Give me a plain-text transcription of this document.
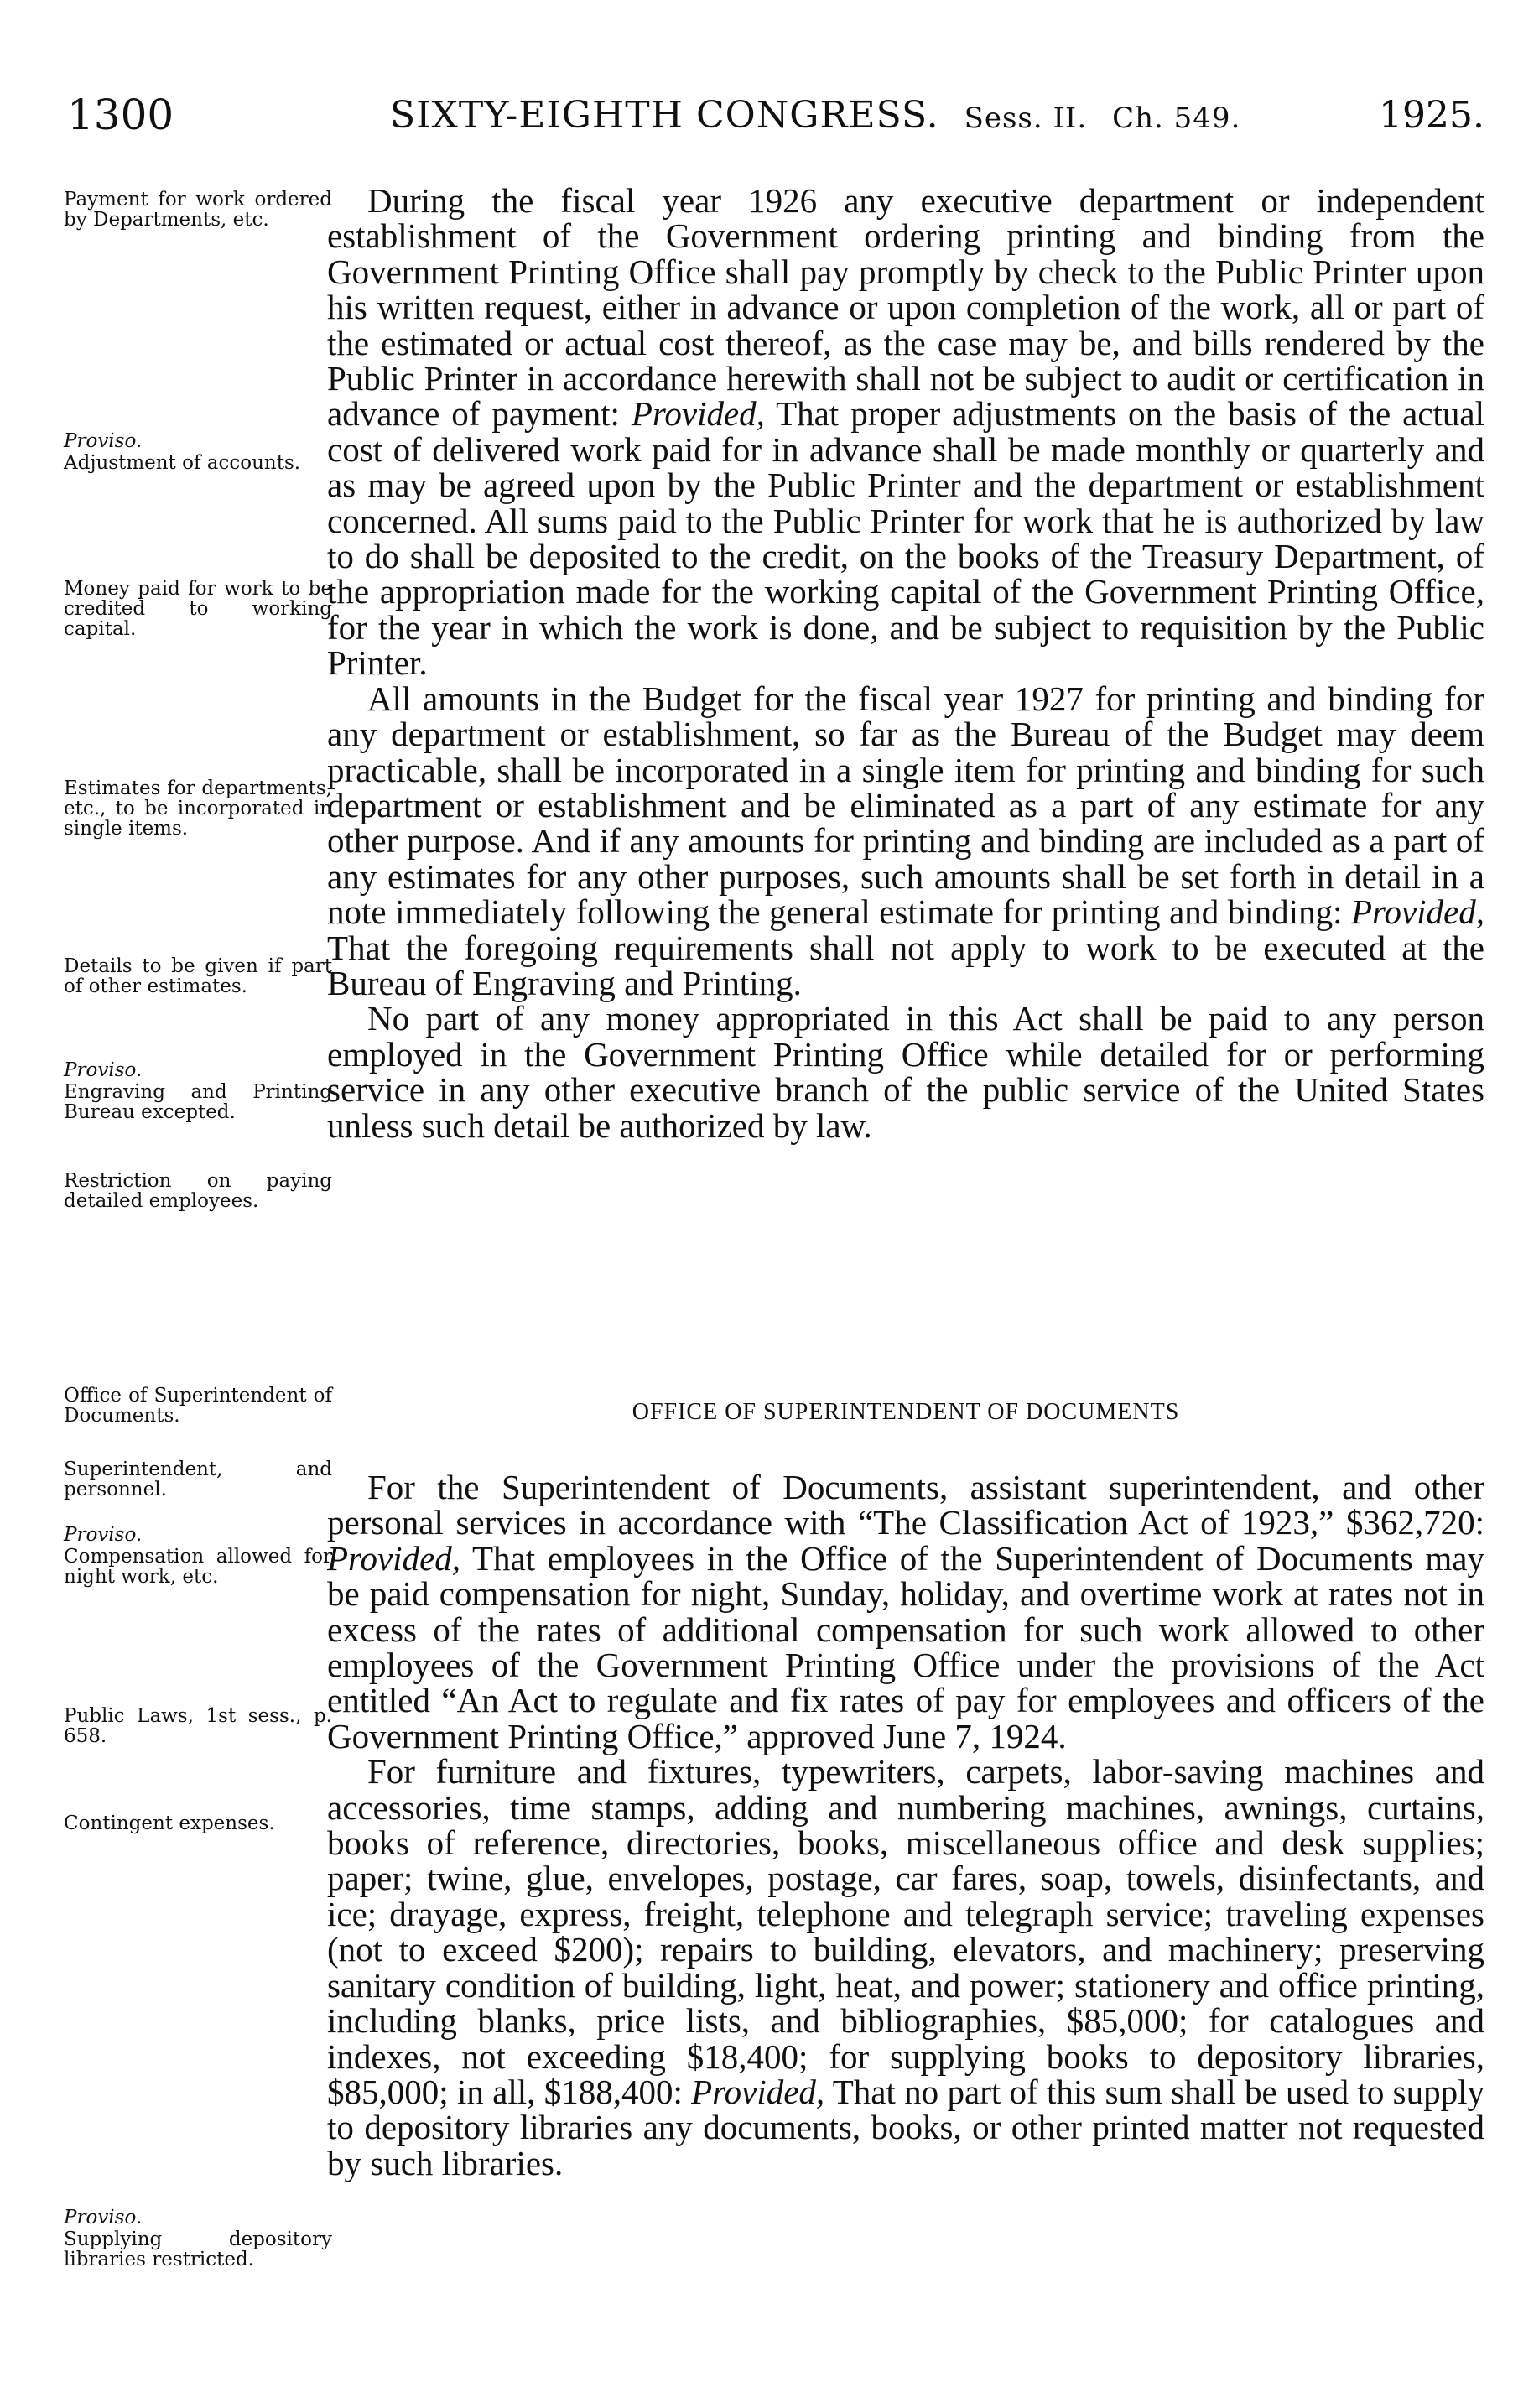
1300	SIXTY-EIGHTH CONGRESS. Sess. II. Ch. 549.	1925.
Payment for work ordered by Departments, etc.
Proviso.
Adjustment of accounts.
Money paid for work to be credited to working capital.
Estimates for departments, etc., to be incorporated in single items.
Details to be given if part of other estimates.
Proviso.
Engraving and Printing Bureau excepted.
Restriction on paying detailed employees.
Office of Superintendent of Documents.
Superintendent, and personnel.
Proviso.
Compensation allowed for night work, etc.
Public Laws, 1st sess., p. 658.
Contingent expenses.
Proviso.
Supplying depository libraries restricted.

During the fiscal year 1926 any executive department or independent establishment of the Government ordering printing and binding from the Government Printing Office shall pay promptly by check to the Public Printer upon his written request, either in advance or upon completion of the work, all or part of the estimated or actual cost thereof, as the case may be, and bills rendered by the Public Printer in accordance herewith shall not be subject to audit or certification in advance of payment: Provided, That proper adjustments on the basis of the actual cost of delivered work paid for in advance shall be made monthly or quarterly and as may be agreed upon by the Public Printer and the department or establishment concerned. All sums paid to the Public Printer for work that he is authorized by law to do shall be deposited to the credit, on the books of the Treasury Department, of the appropriation made for the working capital of the Government Printing Office, for the year in which the work is done, and be subject to requisition by the Public Printer.

All amounts in the Budget for the fiscal year 1927 for printing and binding for any department or establishment, so far as the Bureau of the Budget may deem practicable, shall be incorporated in a single item for printing and binding for such department or establishment and be eliminated as a part of any estimate for any other purpose. And if any amounts for printing and binding are included as a part of any estimates for any other purposes, such amounts shall be set forth in detail in a note immediately following the general estimate for printing and binding: Provided, That the foregoing requirements shall not apply to work to be executed at the Bureau of Engraving and Printing.

No part of any money appropriated in this Act shall be paid to any person employed in the Government Printing Office while detailed for or performing service in any other executive branch of the public service of the United States unless such detail be authorized by law.

OFFICE OF SUPERINTENDENT OF DOCUMENTS

For the Superintendent of Documents, assistant superintendent, and other personal services in accordance with “The Classification Act of 1923,” $362,720: Provided, That employees in the Office of the Superintendent of Documents may be paid compensation for night, Sunday, holiday, and overtime work at rates not in excess of the rates of additional compensation for such work allowed to other employees of the Government Printing Office under the provisions of the Act entitled “An Act to regulate and fix rates of pay for employees and officers of the Government Printing Office,” approved June 7, 1924.

For furniture and fixtures, typewriters, carpets, labor-saving machines and accessories, time stamps, adding and numbering machines, awnings, curtains, books of reference, directories, books, miscellaneous office and desk supplies; paper; twine, glue, envelopes, postage, car fares, soap, towels, disinfectants, and ice; drayage, express, freight, telephone and telegraph service; traveling expenses (not to exceed $200); repairs to building, elevators, and machinery; preserving sanitary condition of building, light, heat, and power; stationery and office printing, including blanks, price lists, and bibliographies, $85,000; for catalogues and indexes, not exceeding $18,400; for supplying books to depository libraries, $85,000; in all, $188,400: Provided, That no part of this sum shall be used to supply to depository libraries any documents, books, or other printed matter not requested by such libraries.
